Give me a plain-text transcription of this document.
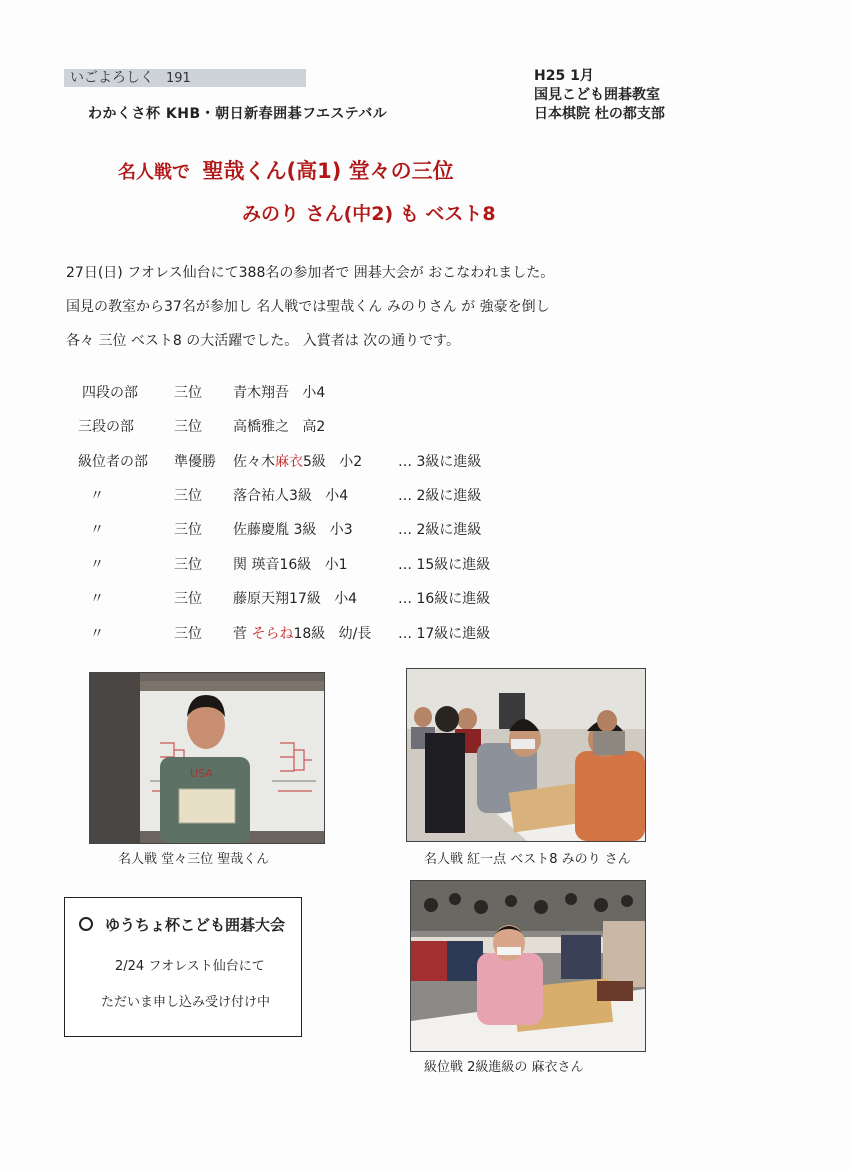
いごよろしく 191
わかくさ杯 KHB・朝日新春囲碁フエステバル
H25 1月
国見こども囲碁教室
日本棋院 杜の都支部
名人戦で 聖哉くん(高1) 堂々の三位
みのり さん(中2) も ベスト8
27日(日) フオレス仙台にて388名の参加者で 囲碁大会が おこなわれました。
国見の教室から37名が参加し 名人戦では聖哉くん みのりさん が 強豪を倒し
各々 三位 ベスト8 の大活躍でした。 入賞者は 次の通りです。
四段の部	三位 青木翔吾 小4
三段の部	三位 高橋雅之 高2
級位者の部 準優勝 佐々木麻衣5級 小2	… 3級に進級
〃	三位 落合祐人3級 小4	… 2級に進級
〃	三位 佐藤慶胤 3級 小3	… 2級に進級
〃	三位 関 瑛音16級 小1	… 15級に進級
〃	三位 藤原天翔17級 小4	… 16級に進級
〃	三位 菅 そらね18級 幼/長 … 17級に進級
USA
名人戦 堂々三位 聖哉くん	名人戦 紅一点 ベスト8 みのり さん
ゆうちょ杯こども囲碁大会
2/24 フオレスト仙台にて
ただいま申し込み受け付け中
級位戦 2級進級の 麻衣さん
